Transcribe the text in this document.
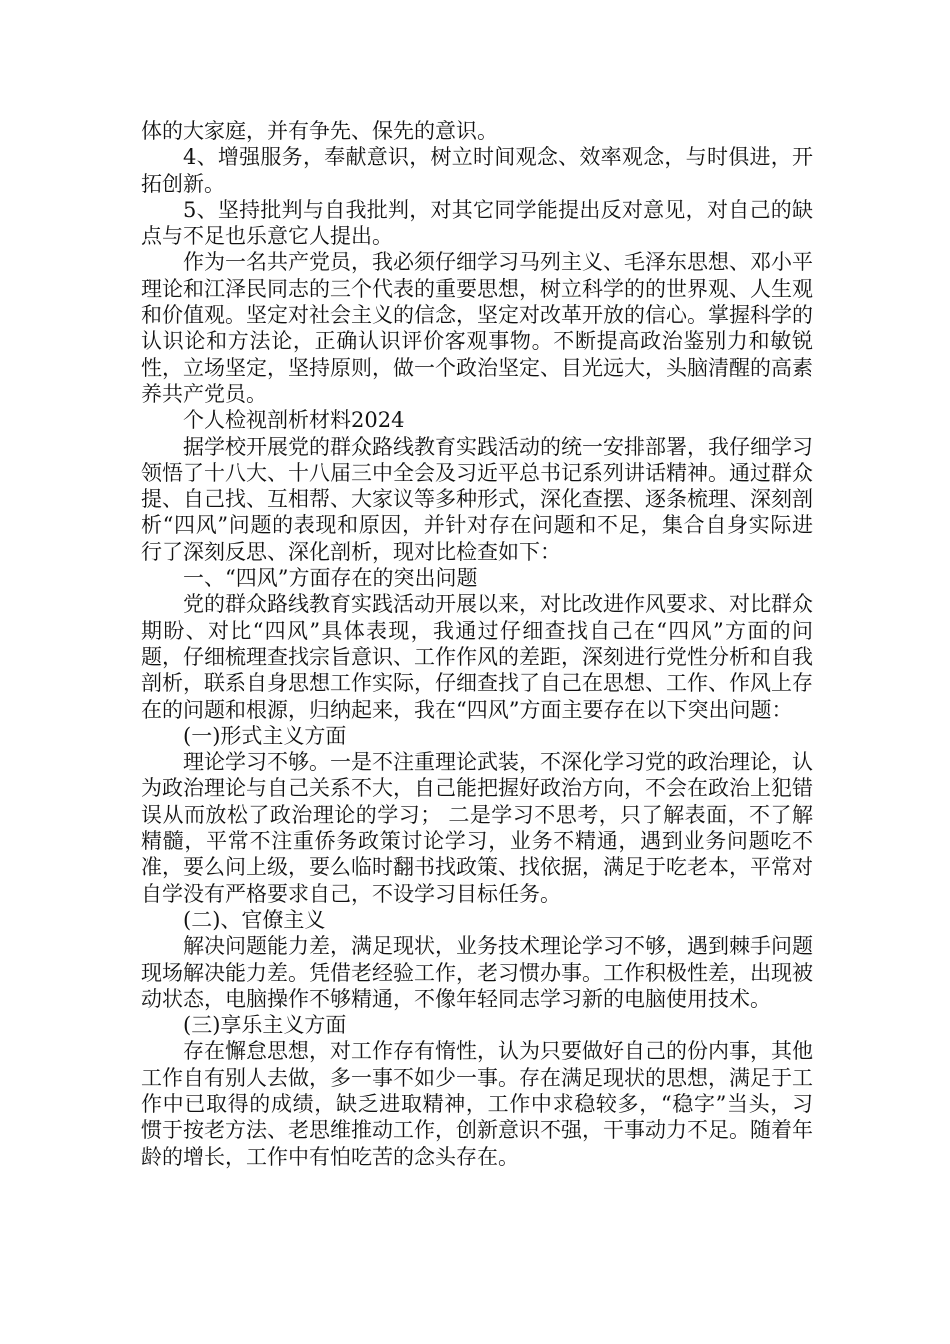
体的大家庭，并有争先、保先的意识。

4、增强服务，奉献意识，树立时间观念、效率观念，与时俱进，开拓创新。

5、坚持批判与自我批判，对其它同学能提出反对意见，对自己的缺点与不足也乐意它人提出。

作为一名共产党员，我必须仔细学习马列主义、毛泽东思想、邓小平理论和江泽民同志的三个代表的重要思想，树立科学的的世界观、人生观和价值观。坚定对社会主义的信念，坚定对改革开放的信心。掌握科学的认识论和方法论，正确认识评价客观事物。不断提高政治鉴别力和敏锐性，立场坚定，坚持原则，做一个政治坚定、目光远大，头脑清醒的高素养共产党员。

个人检视剖析材料2024

据学校开展党的群众路线教育实践活动的统一安排部署，我仔细学习领悟了十八大、十八届三中全会及习近平总书记系列讲话精神。通过群众提、自己找、互相帮、大家议等多种形式，深化查摆、逐条梳理、深刻剖析“四风”问题的表现和原因，并针对存在问题和不足，集合自身实际进行了深刻反思、深化剖析，现对比检查如下：

一、“四风”方面存在的突出问题

党的群众路线教育实践活动开展以来，对比改进作风要求、对比群众期盼、对比“四风”具体表现，我通过仔细查找自己在“四风”方面的问题，仔细梳理查找宗旨意识、工作作风的差距，深刻进行党性分析和自我剖析，联系自身思想工作实际，仔细查找了自己在思想、工作、作风上存在的问题和根源，归纳起来，我在“四风”方面主要存在以下突出问题：

(一)形式主义方面

理论学习不够。一是不注重理论武装，不深化学习党的政治理论，认为政治理论与自己关系不大，自己能把握好政治方向，不会在政治上犯错误从而放松了政治理论的学习； 二是学习不思考，只了解表面，不了解精髓，平常不注重侨务政策讨论学习，业务不精通，遇到业务问题吃不准，要么问上级，要么临时翻书找政策、找依据，满足于吃老本，平常对自学没有严格要求自己，不设学习目标任务。

(二)、官僚主义

解决问题能力差，满足现状，业务技术理论学习不够，遇到棘手问题现场解决能力差。凭借老经验工作，老习惯办事。工作积极性差，出现被动状态，电脑操作不够精通，不像年轻同志学习新的电脑使用技术。

(三)享乐主义方面

存在懈怠思想，对工作存有惰性，认为只要做好自己的份内事，其他工作自有别人去做，多一事不如少一事。存在满足现状的思想，满足于工作中已取得的成绩，缺乏进取精神，工作中求稳较多，“稳字”当头，习惯于按老方法、老思维推动工作，创新意识不强，干事动力不足。随着年龄的增长，工作中有怕吃苦的念头存在。
